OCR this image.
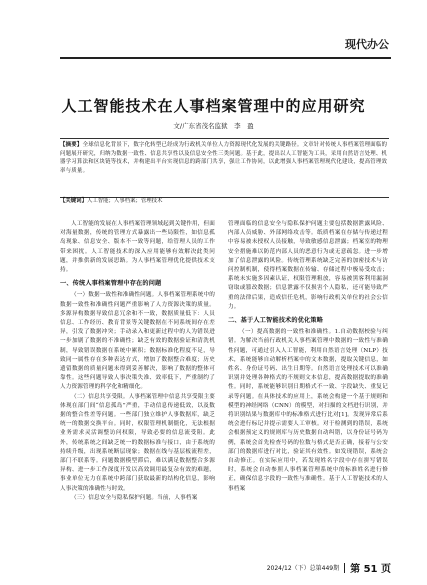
现代办公
人工智能技术在人事档案管理中的应用研究
文/广东省茂名监狱　李　盈
【摘要】全球信息化背景下，数字化转型已经成为行政机关单位人力资源现代化发展的关键路径。文章针对传统人事档案管理面临的问题展开研究，归纳为数据一致性、信息共享性以及信息安全性三类问题。基于此，提出以人工智能为工具，采用自然语言处理、机器学习算法和区块链等技术，并构建出平台实现信息的跨部门共享，强让工作协同，以此增强人事档案管理现代化建设，提高管理效率与质量。
【关键词】人工智能；人事档案；管理技术

人工智能的发展在人事档案管理领域起到关键作用，但面对海量数据，传统的管理方式暴露出一些局限性，如信息孤岛现象、信息安全、版本不一致等问题，给管理人员的工作带来困扰。人工智能技术的深入应用能够有效解决此类问题，并推供新的发展思路。为人事档案管理优化提供技术支持。

一、传统人事档案管理中存在的问题

（一）数据一致性和准确性问题。人事档案管理系统中的数据一致性和准确性问题严重影响了人力资源决策的质量。多源异构数据导致信息冗余和不一致，数据质量低下：人员信息、工作经历、教育背景等关键数据在不同系统间存在差异，引发了数据冲突；手动录入和更新过程中的人为错误进一步加剧了数据的不准确性；缺乏有效的数据验证和清洗机制，导致错误数据在系统中累积；数据标准化程度不足，导致同一属性存在多种表达方式，增加了数据整合难度；历史遗留数据的质量问题未得到妥善解决，影响了数据的整体可靠性。这些问题导致人事决策失准、效率低下，严重制约了人力资源管理的科学化和精细化。

（二）信息共享受限。人事档案管理中信息共享受限主要体现在部门间“信息孤岛”严重，手动信息传递低效，以及数据的整合性差等问题。一些部门独立维护人事数据库，缺乏统一的数据交换平台。同时，权限管理机制僵化，无法根据业务需求灵活调整访问权限，导致必要的信息流受阻。此外，传统系统之间缺乏统一的数据标准与接口，由于系统的持续升级，出现系统断层现象；数据在线与基层板流程差，部门不联系等。问题数据模型滞后，难以满足数据整合多源异构、进一步工作深度开发以高效调用最复杂有效的难题，事业单位无力在系统中跨部门获取最新的结构化信息，影响人事决策的准确性与时效。

（三）信息安全与隐私保护问题。当前，人事档案

管理面临的信息安全与隐私保护问题主要包括数据泄露风险、内部人员威胁、外部网络攻击等。纸质档案在存储与传递过程中容易被未授权人员接触，导致敏感信息泄露；档案室的物理安全措施难以防范内部人员的恶意行为或无意疏忽。进一步增加了信息泄露的风险。传统管理系统缺乏完善的加密技术与访问控制机制，使得档案数据在传输、存储过程中极易受攻击；系统未实施多因素认证，权限管理粗放，容易被黑客利用漏洞窃取或篡改数据；信息泄露不仅损害个人隐私，还可能导致严重的法律后果，造成信任危机，影响行政机关单位的社会公信力。

二、基于人工智能技术的优化策略

（一）提高数据的一致性和准确性。1.自动数据校验与纠错。为解决当前行政机关人事档案管理中数据的一致性与准确性问题，可通过引入人工智能，利用自然语言处理（NLP）技术，系统能够自动解析档案中的文本数据，提取关键信息，如姓名、身份证号码、出生日期等。自然语言处理技术可以准确识别并处理各种格式的不规则文本信息，提高数据提取的准确性。同时，系统能够识别日期格式不一致、字段缺失、重复记录等问题。在具体技术的应用上，系统会构建一个基于规则和模型的神经网络（CNN）的模型，对扫描的文档进行识别，并将识别结果与数据库中的标准格式进行比对[1]。发现异常后系统会进行标记并提示需要人工审核。对于检测到的错误，系统会根据预定义的规则库与历史数据自动纠错，以身份证号码为例，系统会首先检查号码的位数与格式是否正确，接着与公安部门的数据库进行对比，验证其有效性。如发现错误，系统会自动修正。在实际应用中，若发现姓名字段中存在拼写错误时，系统会自动参照人事档案管理系统中的标准姓名进行修正，确保信息字段的一致性与准确性。基于人工智能技术的人事档案

2024/12（下）总第449期 第 51 页
